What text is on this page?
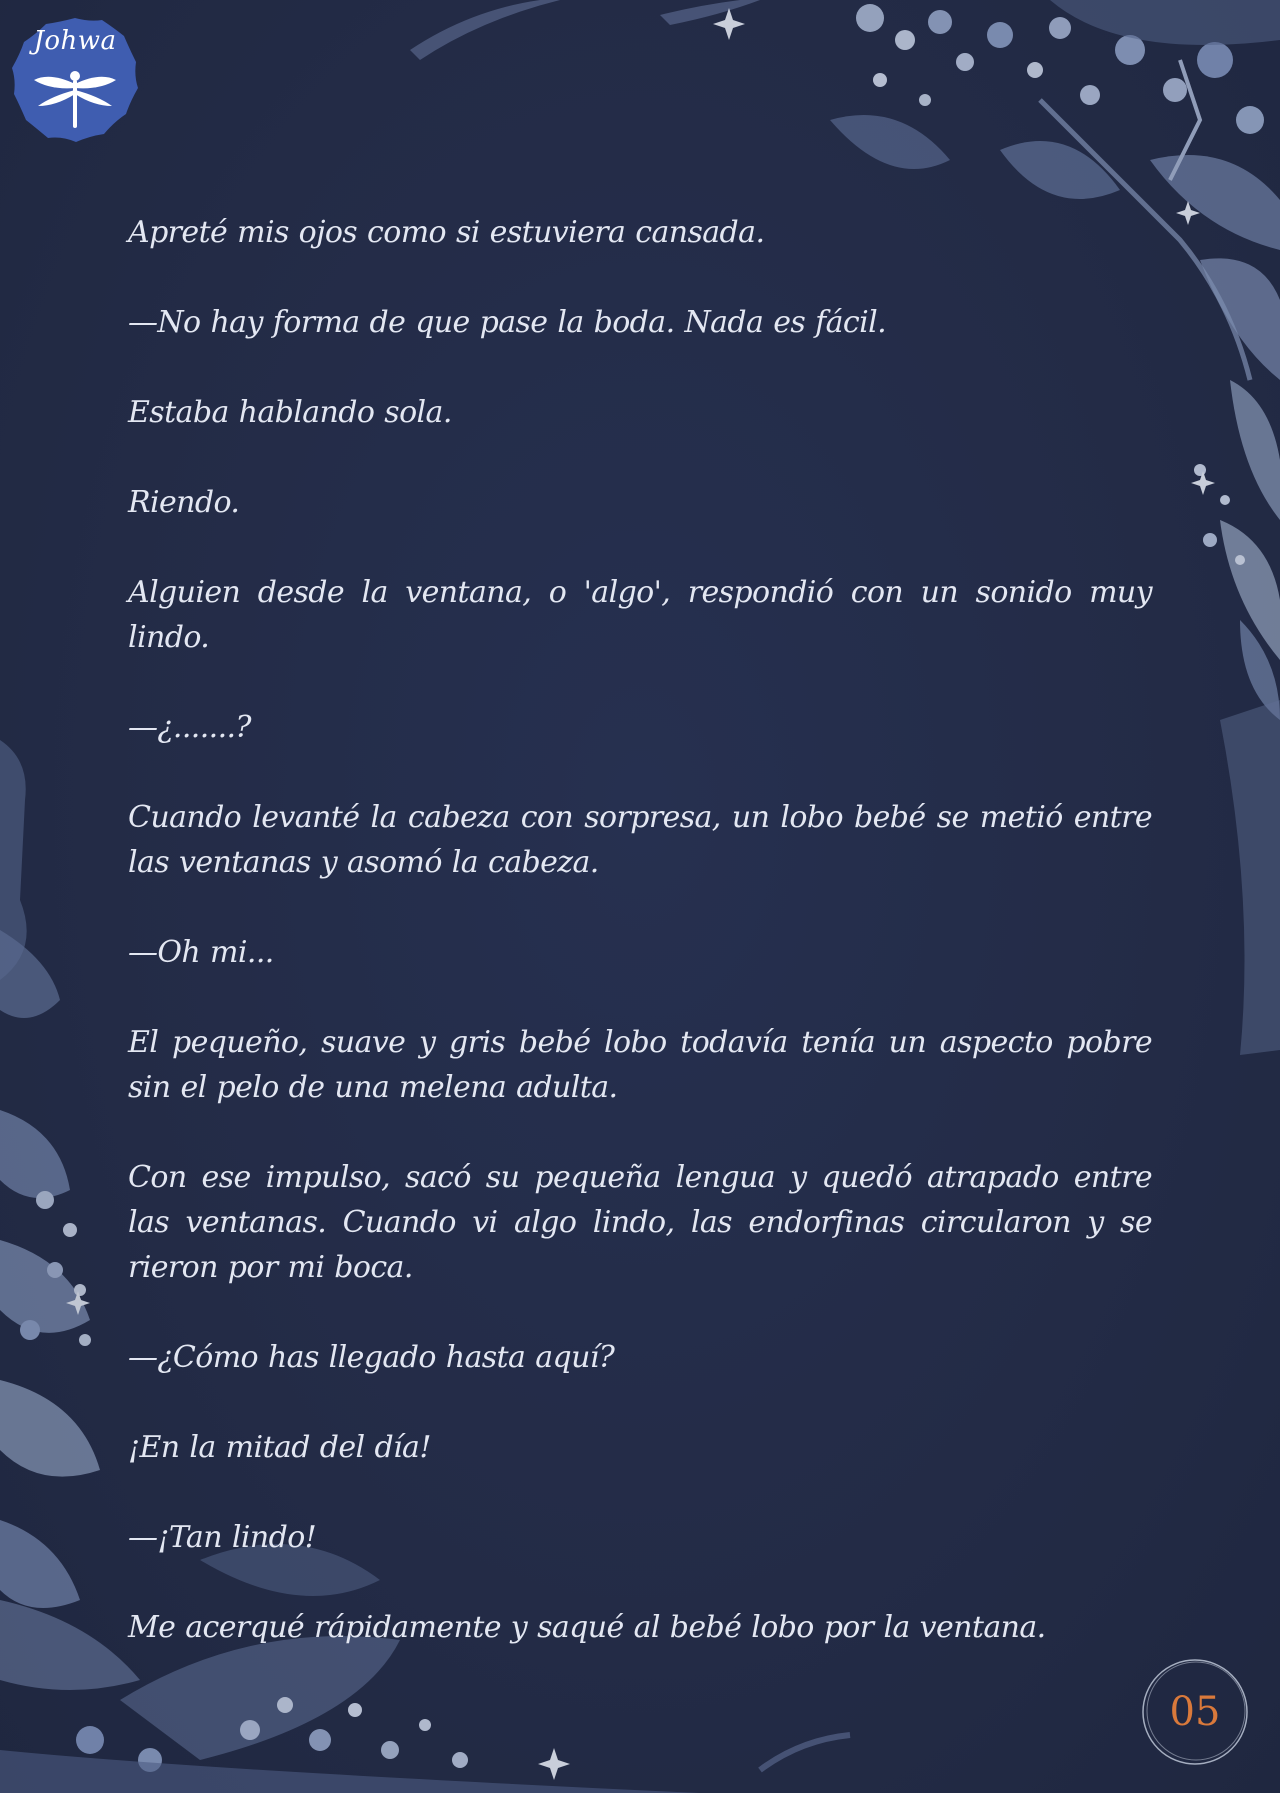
Johwa

Apreté mis ojos como si estuviera cansada.

—No hay forma de que pase la boda. Nada es fácil.

Estaba hablando sola.

Riendo.

Alguien desde la ventana, o 'algo', respondió con un sonido muy lindo.

—¿.......?

Cuando levanté la cabeza con sorpresa, un lobo bebé se metió entre las ventanas y asomó la cabeza.

—Oh mi...

El pequeño, suave y gris bebé lobo todavía tenía un aspecto pobre sin el pelo de una melena adulta.

Con ese impulso, sacó su pequeña lengua y quedó atrapado entre las ventanas. Cuando vi algo lindo, las endorfinas circularon y se rieron por mi boca.

—¿Cómo has llegado hasta aquí?

¡En la mitad del día!

—¡Tan lindo!

Me acerqué rápidamente y saqué al bebé lobo por la ventana.

05
